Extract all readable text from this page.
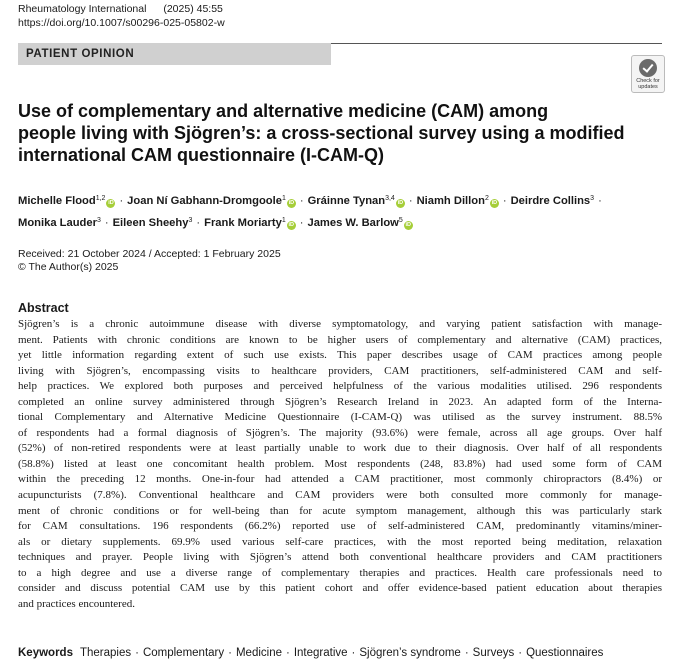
Rheumatology International (2025) 45:55
https://doi.org/10.1007/s00296-025-05802-w
PATIENT OPINION
Check for
updates
Use of complementary and alternative medicine (CAM) among
people living with Sjögren’s: a cross-sectional survey using a modified
international CAM questionnaire (I-CAM-Q)
Michelle Flood$^{1,2}$iD · Joan Ní Gabhann-Dromgoole$^1$iD · Gráinne Tynan$^{3,4}$iD · Niamh Dillon$^2$iD · Deirdre Collins$^3$ ·
Monika Lauder$^3$ · Eileen Sheehy$^3$ · Frank Moriarty$^1$iD · James W. Barlow$^5$iD
Received: 21 October 2024 / Accepted: 1 February 2025
© The Author(s) 2025
Abstract
Sjögren’s is a chronic autoimmune disease with diverse symptomatology, and varying patient satisfaction with manage-
ment. Patients with chronic conditions are known to be higher users of complementary and alternative (CAM) practices,
yet little information regarding extent of such use exists. This paper describes usage of CAM practices among people
living with Sjögren’s, encompassing visits to healthcare providers, CAM practitioners, self-administered CAM and self-
help practices. We explored both purposes and perceived helpfulness of the various modalities utilised. 296 respondents
completed an online survey administered through Sjögren’s Research Ireland in 2023. An adapted form of the Interna-
tional Complementary and Alternative Medicine Questionnaire (I-CAM-Q) was utilised as the survey instrument. 88.5%
of respondents had a formal diagnosis of Sjögren’s. The majority (93.6%) were female, across all age groups. Over half
(52%) of non-retired respondents were at least partially unable to work due to their diagnosis. Over half of all respondents
(58.8%) listed at least one concomitant health problem. Most respondents (248, 83.8%) had used some form of CAM
within the preceding 12 months. One-in-four had attended a CAM practitioner, most commonly chiropractors (8.4%) or
acupuncturists (7.8%). Conventional healthcare and CAM providers were both consulted more commonly for manage-
ment of chronic conditions or for well-being than for acute symptom management, although this was particularly stark
for CAM consultations. 196 respondents (66.2%) reported use of self-administered CAM, predominantly vitamins/miner-
als or dietary supplements. 69.9% used various self-care practices, with the most reported being meditation, relaxation
techniques and prayer. People living with Sjögren’s attend both conventional healthcare providers and CAM practitioners
to a high degree and use a diverse range of complementary therapies and practices. Health care professionals need to
consider and discuss potential CAM use by this patient cohort and offer evidence-based patient education about therapies
and practices encountered.
Keywords Therapies · Complementary · Medicine · Integrative · Sjögren’s syndrome · Surveys · Questionnaires
